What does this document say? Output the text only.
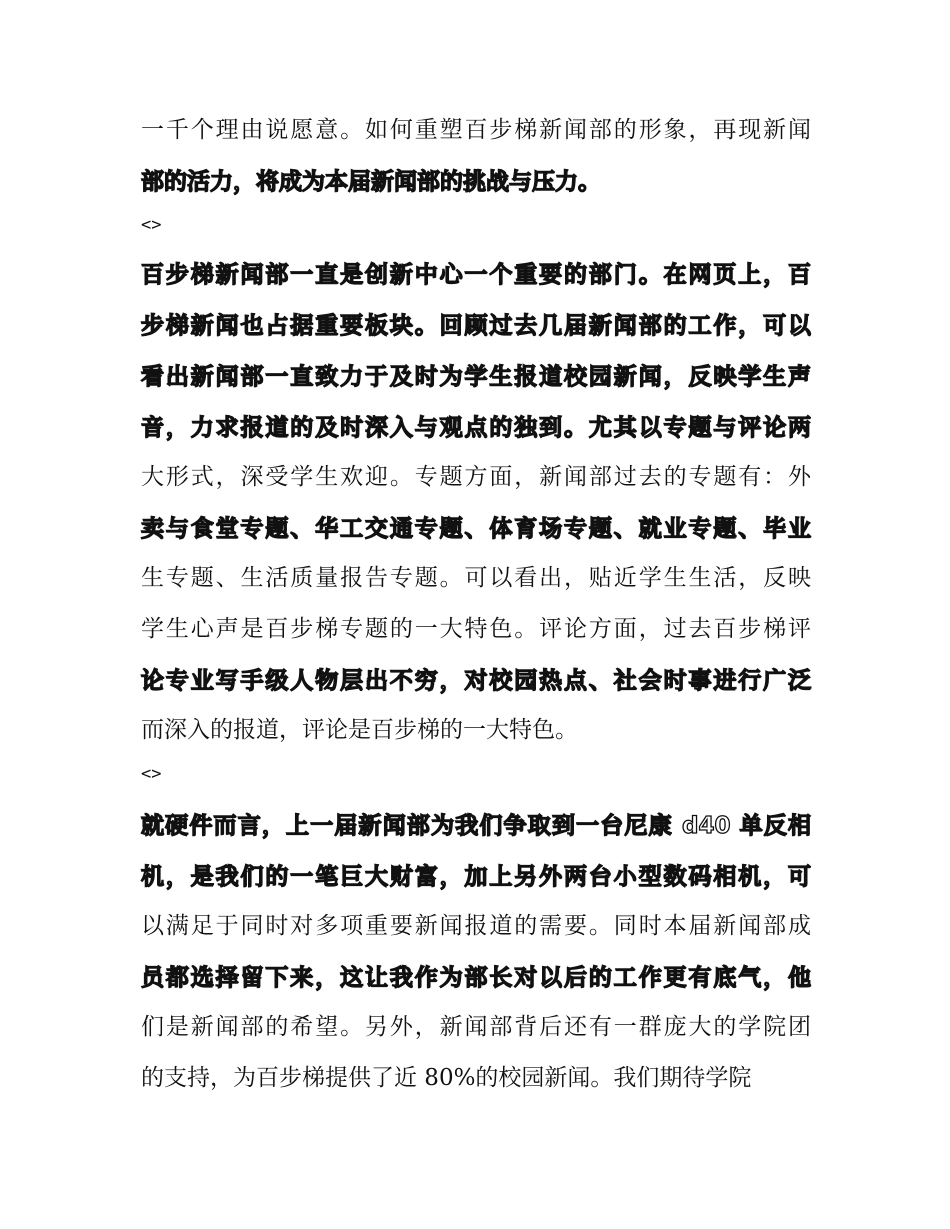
一千个理由说愿意。如何重塑百步梯新闻部的形象，再现新闻
部的活力，将成为本届新闻部的挑战与压力。
<>
百步梯新闻部一直是创新中心一个重要的部门。在网页上，百
步梯新闻也占据重要板块。回顾过去几届新闻部的工作，可以
看出新闻部一直致力于及时为学生报道校园新闻，反映学生声
音，力求报道的及时深入与观点的独到。尤其以专题与评论两
大形式，深受学生欢迎。专题方面，新闻部过去的专题有：外
卖与食堂专题、华工交通专题、体育场专题、就业专题、毕业
生专题、生活质量报告专题。可以看出，贴近学生生活，反映
学生心声是百步梯专题的一大特色。评论方面，过去百步梯评
论专业写手级人物层出不穷，对校园热点、社会时事进行广泛
而深入的报道，评论是百步梯的一大特色。
<>
就硬件而言，上一届新闻部为我们争取到一台尼康 d40 单反相
机，是我们的一笔巨大财富，加上另外两台小型数码相机，可
以满足于同时对多项重要新闻报道的需要。同时本届新闻部成
员都选择留下来，这让我作为部长对以后的工作更有底气，他
们是新闻部的希望。另外，新闻部背后还有一群庞大的学院团
的支持，为百步梯提供了近 80%的校园新闻。我们期待学院
